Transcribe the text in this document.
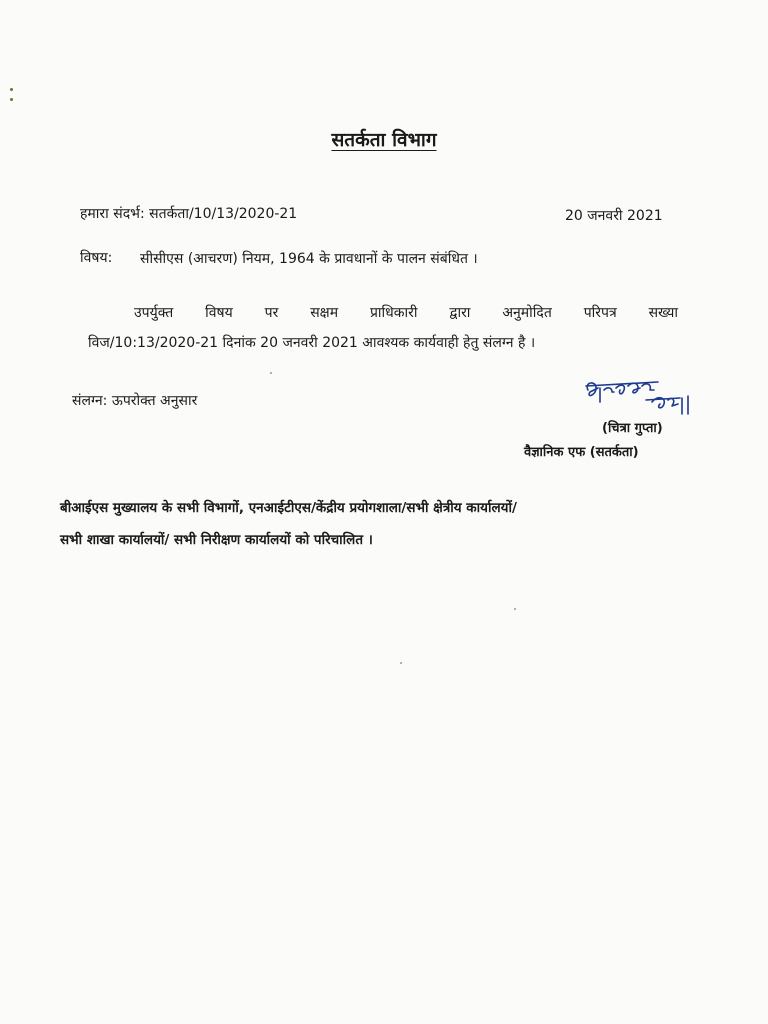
सतर्कता विभाग
हमारा संदर्भ: सतर्कता/10/13/2020-21	20 जनवरी 2021
विषय: सीसीएस (आचरण) नियम, 1964 के प्रावधानों के पालन संबंधित ।
उपर्युक्त विषय पर सक्षम प्राधिकारी द्वारा अनुमोदित परिपत्र सख्या
विज/10:13/2020-21 दिनांक 20 जनवरी 2021 आवश्यक कार्यवाही हेतु संलग्न है ।
संलग्न: ऊपरोक्त अनुसार
(चित्रा गुप्ता)
वैज्ञानिक एफ (सतर्कता)
बीआईएस मुख्यालय के सभी विभागों, एनआईटीएस/केंद्रीय प्रयोगशाला/सभी क्षेत्रीय कार्यालयों/
सभी शाखा कार्यालयों/ सभी निरीक्षण कार्यालयों को परिचालित ।
